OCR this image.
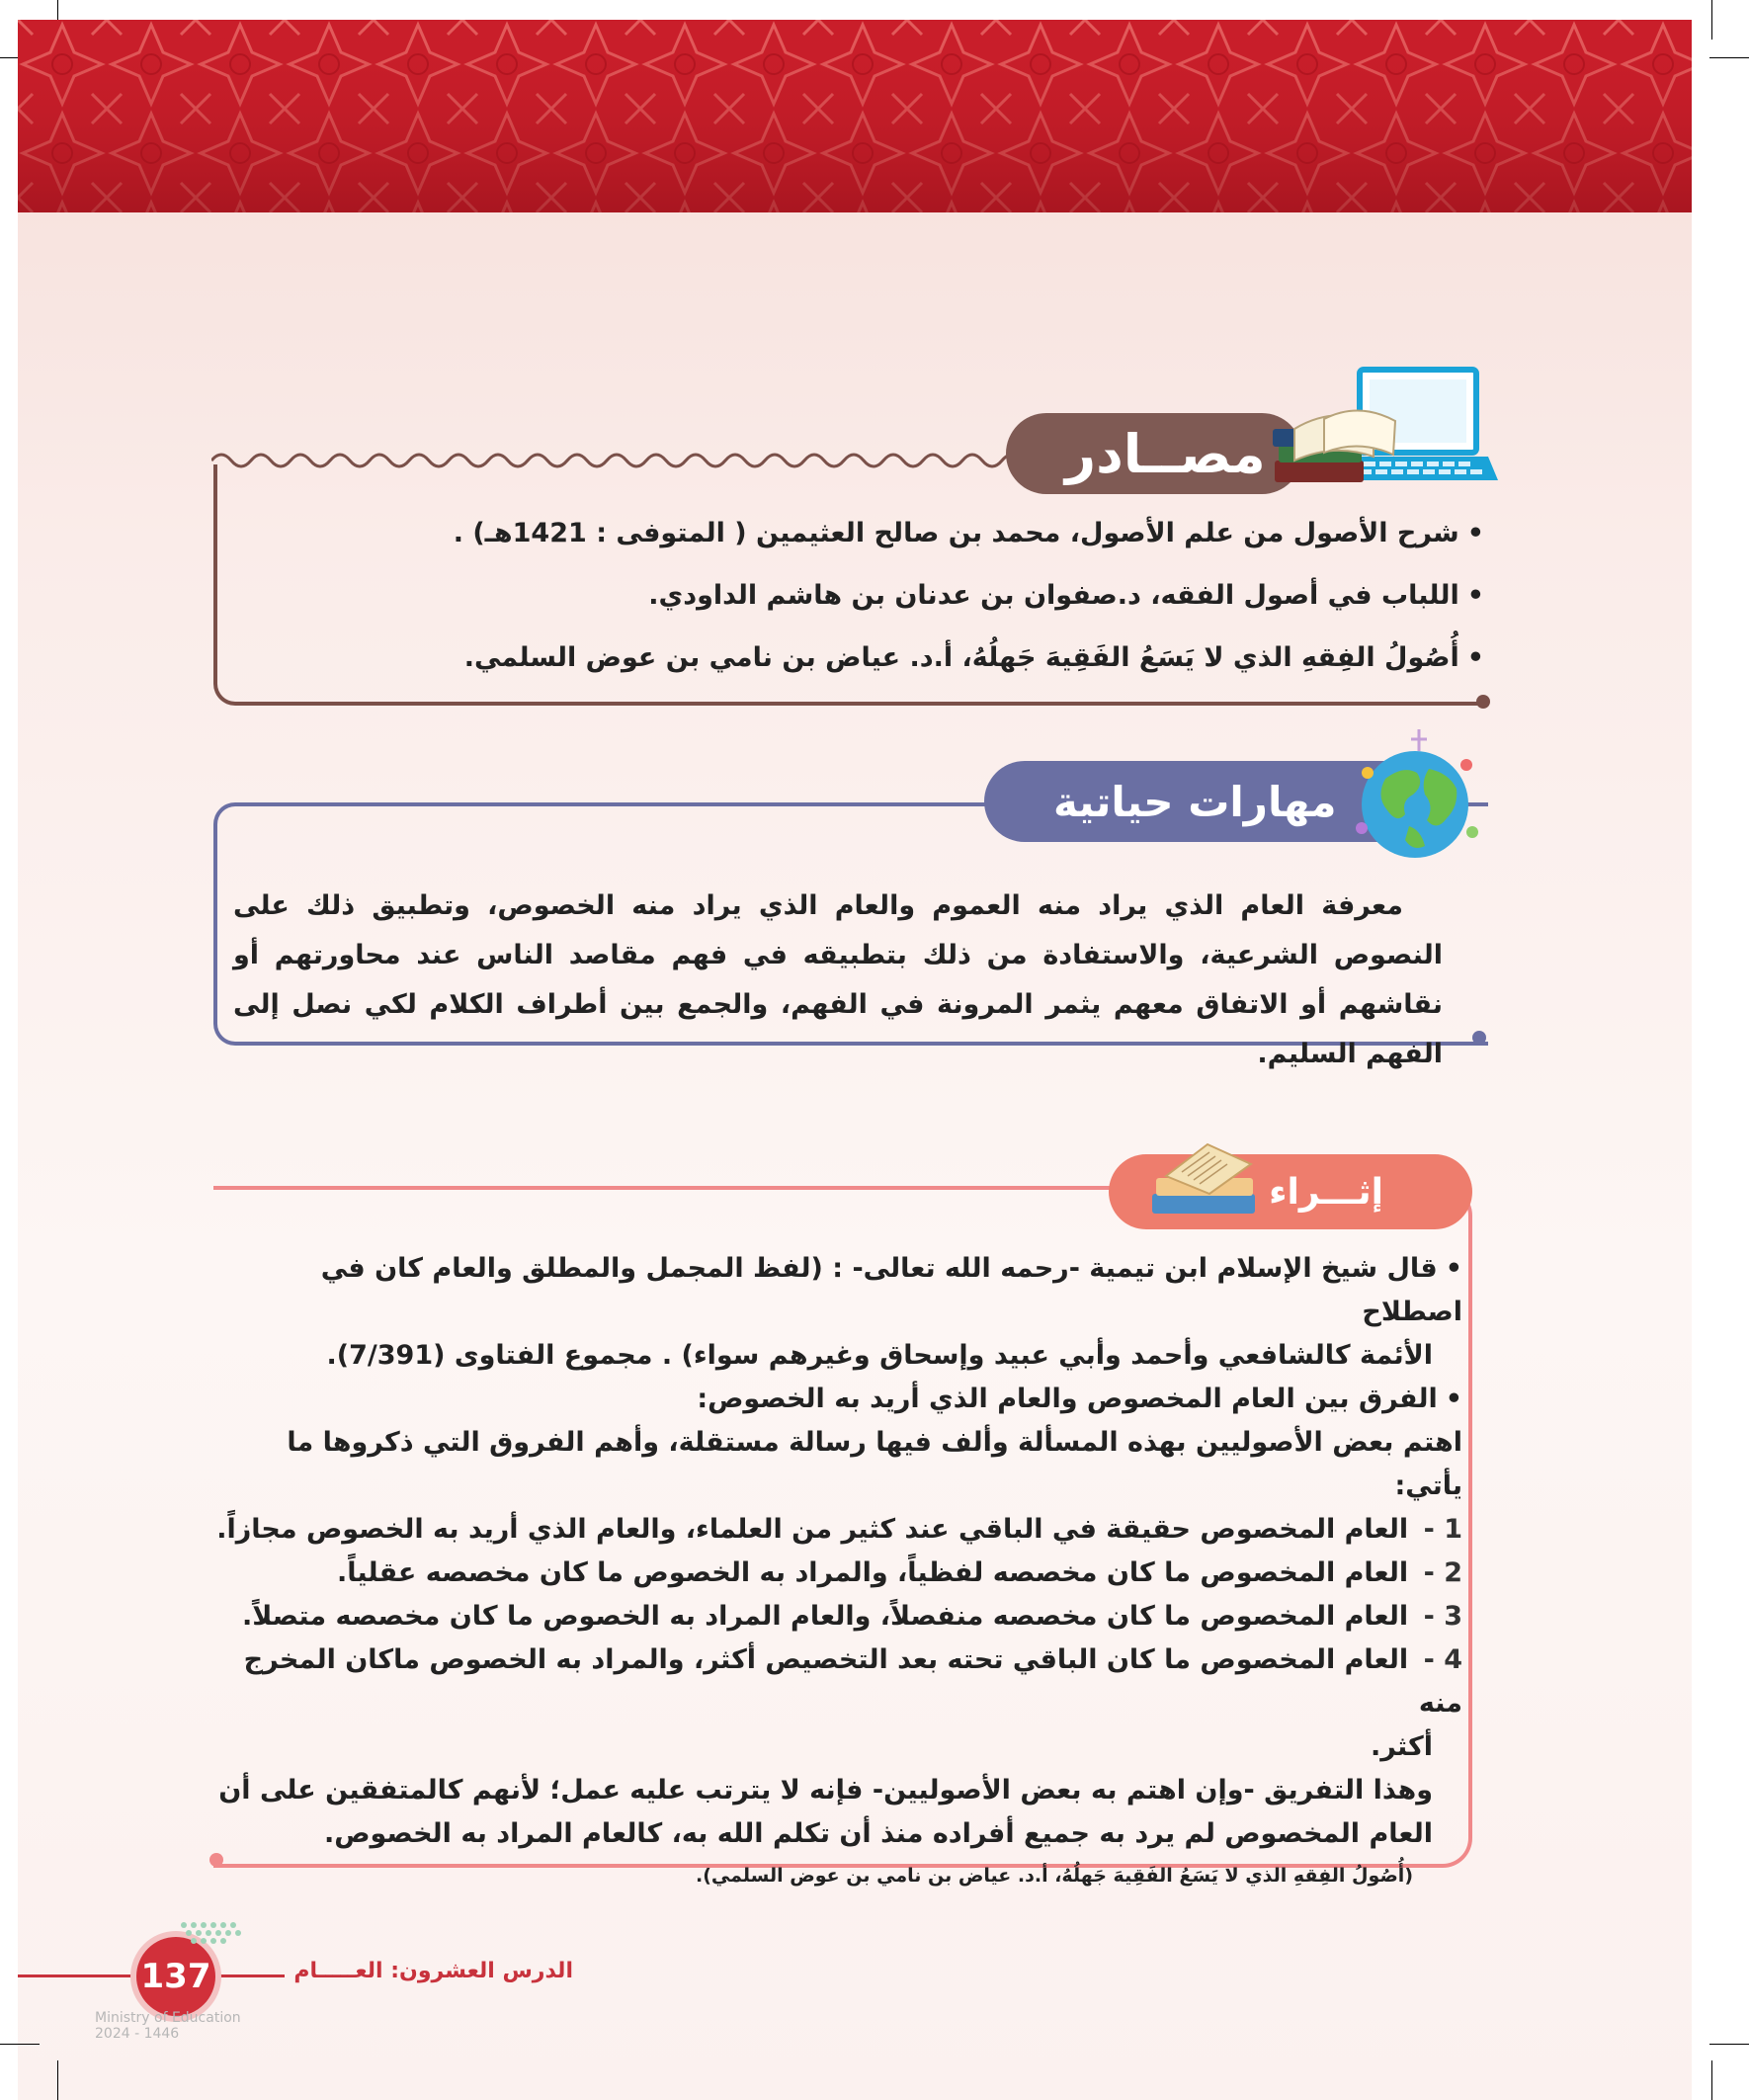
مصــادر
•شرح الأصول من علم الأصول، محمد بن صالح العثيمين ( المتوفى : 1421هـ) .
•اللباب في أصول الفقه، د.صفوان بن عدنان بن هاشم الداودي.
•أُصُولُ الفِقهِ الذي لا يَسَعُ الفَقِيهَ جَهلُهُ، أ.د. عياض بن نامي بن عوض السلمي.
مهارات حياتية
معرفة العام الذي يراد منه العموم والعام الذي يراد منه الخصوص، وتطبيق ذلك على النصوص الشرعية، والاستفادة من ذلك بتطبيقه في فهم مقاصد الناس عند محاورتهم أو نقاشهم أو الاتفاق معهم يثمر المرونة في الفهم، والجمع بين أطراف الكلام لكي نصل إلى الفهم السليم.
إثـــراء
•قال شيخ الإسلام ابن تيمية -رحمه الله تعالى- : (لفظ المجمل والمطلق والعام كان في اصطلاح
الأئمة كالشافعي وأحمد وأبي عبيد وإسحاق وغيرهم سواء) . مجموع الفتاوى (7/391).
•الفرق بين العام المخصوص والعام الذي أريد به الخصوص:
اهتم بعض الأصوليين بهذه المسألة وألف فيها رسالة مستقلة، وأهم الفروق التي ذكروها ما يأتي:
1 - العام المخصوص حقيقة في الباقي عند كثير من العلماء، والعام الذي أريد به الخصوص مجازاً.
2 - العام المخصوص ما كان مخصصه لفظياً، والمراد به الخصوص ما كان مخصصه عقلياً.
3 - العام المخصوص ما كان مخصصه منفصلاً، والعام المراد به الخصوص ما كان مخصصه متصلاً.
4 - العام المخصوص ما كان الباقي تحته بعد التخصيص أكثر، والمراد به الخصوص ماكان المخرج منه
أكثر.
وهذا التفريق -وإن اهتم به بعض الأصوليين- فإنه لا يترتب عليه عمل؛ لأنهم كالمتفقين على أن
العام المخصوص لم يرد به جميع أفراده منذ أن تكلم الله به، كالعام المراد به الخصوص.
(أُصُولُ الفِقهِ الذي لا يَسَعُ الفَقِيهَ جَهلُهُ، أ.د. عياض بن نامي بن عوض السلمي).
137	الدرس العشرون: العـــــام
Ministry of Education
2024 - 1446
